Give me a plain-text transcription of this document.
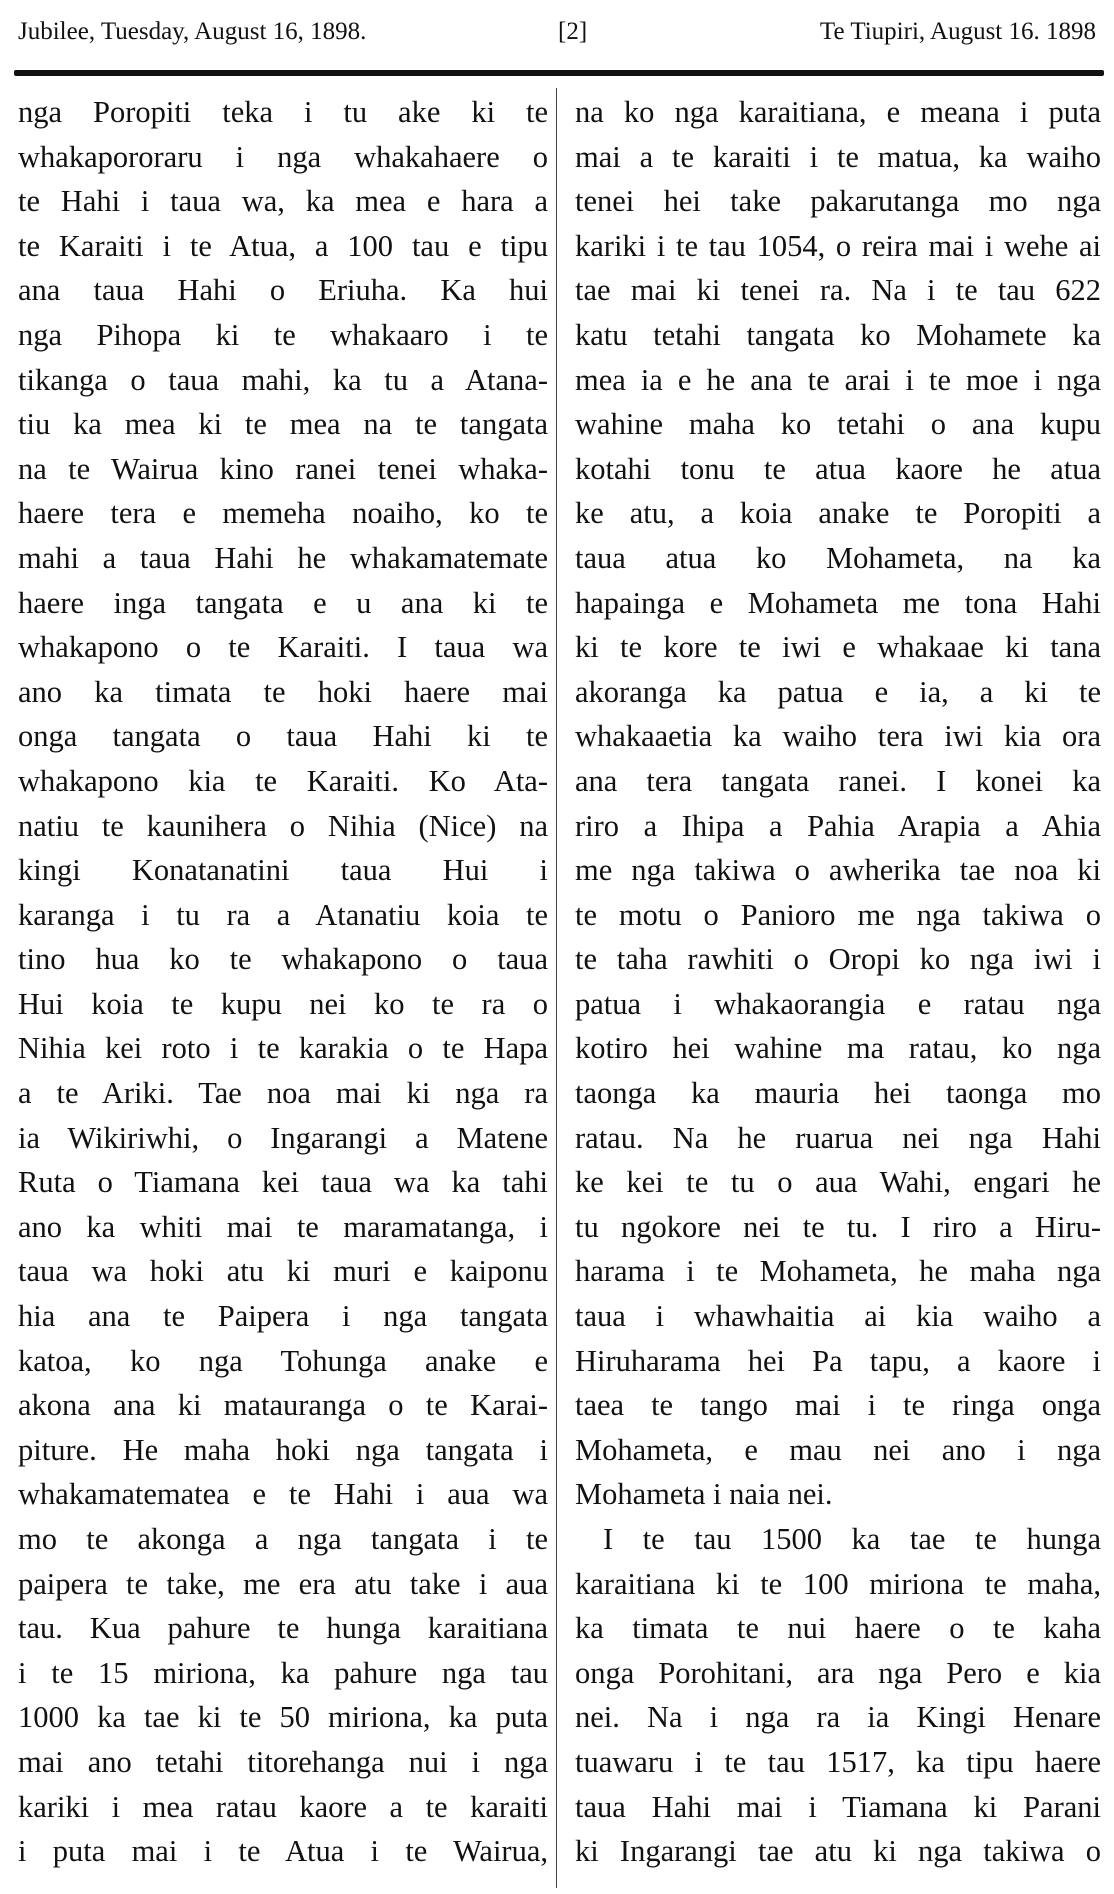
Jubilee, Tuesday, August 16, 1898.	[2]	Te Tiupiri, August 16. 1898
nga Poropiti teka i tu ake ki te
whakapororaru i nga whakahaere o
te Hahi i taua wa, ka mea e hara a
te Karaiti i te Atua, a 100 tau e tipu
ana taua Hahi o Eriuha. Ka hui
nga Pihopa ki te whakaaro i te
tikanga o taua mahi, ka tu a Atana-
tiu ka mea ki te mea na te tangata
na te Wairua kino ranei tenei whaka-
haere tera e memeha noaiho, ko te
mahi a taua Hahi he whakamatemate
haere inga tangata e u ana ki te
whakapono o te Karaiti. I taua wa
ano ka timata te hoki haere mai
onga tangata o taua Hahi ki te
whakapono kia te Karaiti. Ko Ata-
natiu te kaunihera o Nihia (Nice) na
kingi Konatanatini taua Hui i
karanga i tu ra a Atanatiu koia te
tino hua ko te whakapono o taua
Hui koia te kupu nei ko te ra o
Nihia kei roto i te karakia o te Hapa
a te Ariki. Tae noa mai ki nga ra
ia Wikiriwhi, o Ingarangi a Matene
Ruta o Tiamana kei taua wa ka tahi
ano ka whiti mai te maramatanga, i
taua wa hoki atu ki muri e kaiponu
hia ana te Paipera i nga tangata
katoa, ko nga Tohunga anake e
akona ana ki matauranga o te Karai-
piture. He maha hoki nga tangata i
whakamatematea e te Hahi i aua wa
mo te akonga a nga tangata i te
paipera te take, me era atu take i aua
tau. Kua pahure te hunga karaitiana
i te 15 miriona, ka pahure nga tau
1000 ka tae ki te 50 miriona, ka puta
mai ano tetahi titorehanga nui i nga
kariki i mea ratau kaore a te karaiti
i puta mai i te Atua i te Wairua,
na ko nga karaitiana, e meana i puta
mai a te karaiti i te matua, ka waiho
tenei hei take pakarutanga mo nga
kariki i te tau 1054, o reira mai i wehe ai
tae mai ki tenei ra. Na i te tau 622
katu tetahi tangata ko Mohamete ka
mea ia e he ana te arai i te moe i nga
wahine maha ko tetahi o ana kupu
kotahi tonu te atua kaore he atua
ke atu, a koia anake te Poropiti a
taua atua ko Mohameta, na ka
hapainga e Mohameta me tona Hahi
ki te kore te iwi e whakaae ki tana
akoranga ka patua e ia, a ki te
whakaaetia ka waiho tera iwi kia ora
ana tera tangata ranei. I konei ka
riro a Ihipa a Pahia Arapia a Ahia
me nga takiwa o awherika tae noa ki
te motu o Panioro me nga takiwa o
te taha rawhiti o Oropi ko nga iwi i
patua i whakaorangia e ratau nga
kotiro hei wahine ma ratau, ko nga
taonga ka mauria hei taonga mo
ratau. Na he ruarua nei nga Hahi
ke kei te tu o aua Wahi, engari he
tu ngokore nei te tu. I riro a Hiru-
harama i te Mohameta, he maha nga
taua i whawhaitia ai kia waiho a
Hiruharama hei Pa tapu, a kaore i
taea te tango mai i te ringa onga
Mohameta, e mau nei ano i nga
Mohameta i naia nei.
I te tau 1500 ka tae te hunga
karaitiana ki te 100 miriona te maha,
ka timata te nui haere o te kaha
onga Porohitani, ara nga Pero e kia
nei. Na i nga ra ia Kingi Henare
tuawaru i te tau 1517, ka tipu haere
taua Hahi mai i Tiamana ki Parani
ki Ingarangi tae atu ki nga takiwa o
